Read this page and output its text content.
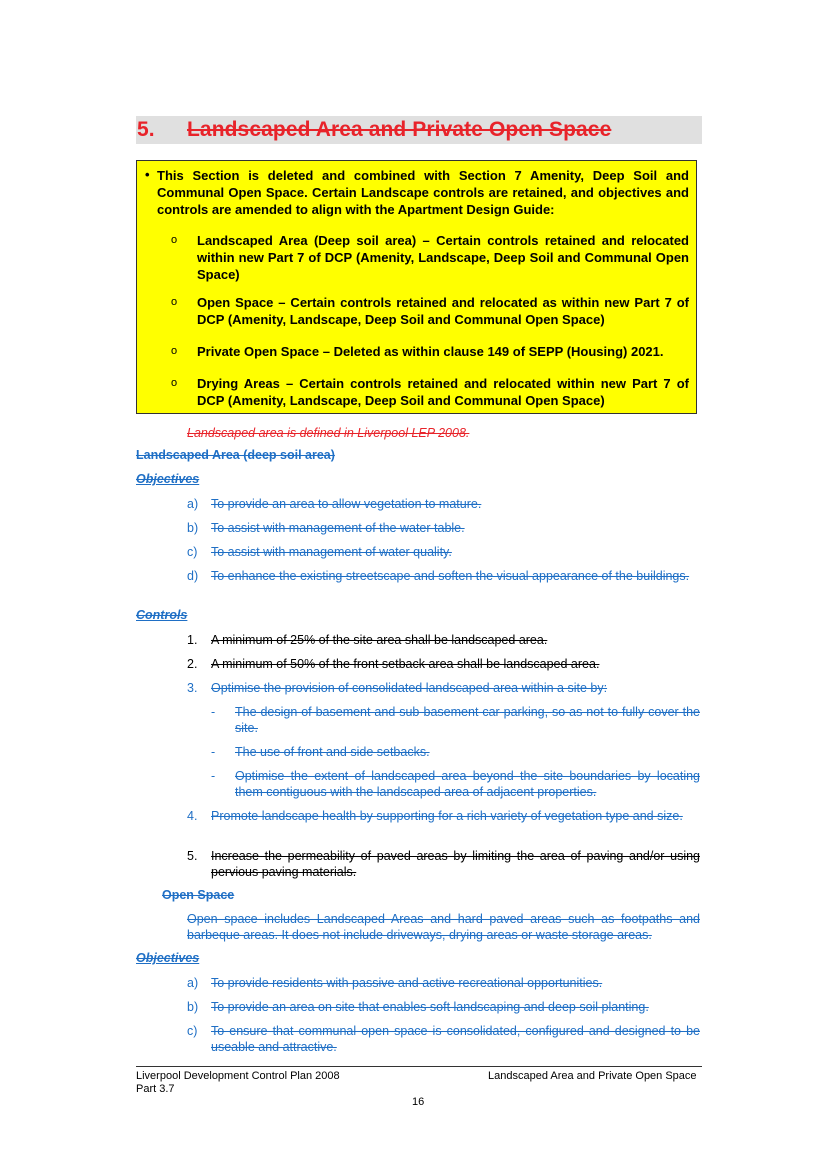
5. Landscaped Area and Private Open Space
• This Section is deleted and combined with Section 7 Amenity, Deep Soil and Communal Open Space. Certain Landscape controls are retained, and objectives and controls are amended to align with the Apartment Design Guide:
o Landscaped Area (Deep soil area) – Certain controls retained and relocated within new Part 7 of DCP (Amenity, Landscape, Deep Soil and Communal Open Space)
o Open Space – Certain controls retained and relocated as within new Part 7 of DCP (Amenity, Landscape, Deep Soil and Communal Open Space)
o Private Open Space – Deleted as within clause 149 of SEPP (Housing) 2021.
o Drying Areas – Certain controls retained and relocated within new Part 7 of DCP (Amenity, Landscape, Deep Soil and Communal Open Space)
Landscaped area is defined in Liverpool LEP 2008.
Landscaped Area (deep soil area)
Objectives
a)	To provide an area to allow vegetation to mature.
b)	To assist with management of the water table.
c)	To assist with management of water quality.
d)	To enhance the existing streetscape and soften the visual appearance of the buildings.
Controls
1.	A minimum of 25% of the site area shall be landscaped area.
2.	A minimum of 50% of the front setback area shall be landscaped area.
3.	Optimise the provision of consolidated landscaped area within a site by:
-	The design of basement and sub-basement car parking, so as not to fully cover the site.
-	The use of front and side setbacks.
-	Optimise the extent of landscaped area beyond the site boundaries by locating them contiguous with the landscaped area of adjacent properties.
4.	Promote landscape health by supporting for a rich variety of vegetation type and size.
5.	Increase the permeability of paved areas by limiting the area of paving and/or using pervious paving materials.
Open Space
Open space includes Landscaped Areas and hard paved areas such as footpaths and barbeque areas. It does not include driveways, drying areas or waste storage areas.
Objectives
a)	To provide residents with passive and active recreational opportunities.
b)	To provide an area on site that enables soft landscaping and deep soil planting.
c)	To ensure that communal open space is consolidated, configured and designed to be useable and attractive.
Liverpool Development Control Plan 2008
Part 3.7
Landscaped Area and Private Open Space
16
